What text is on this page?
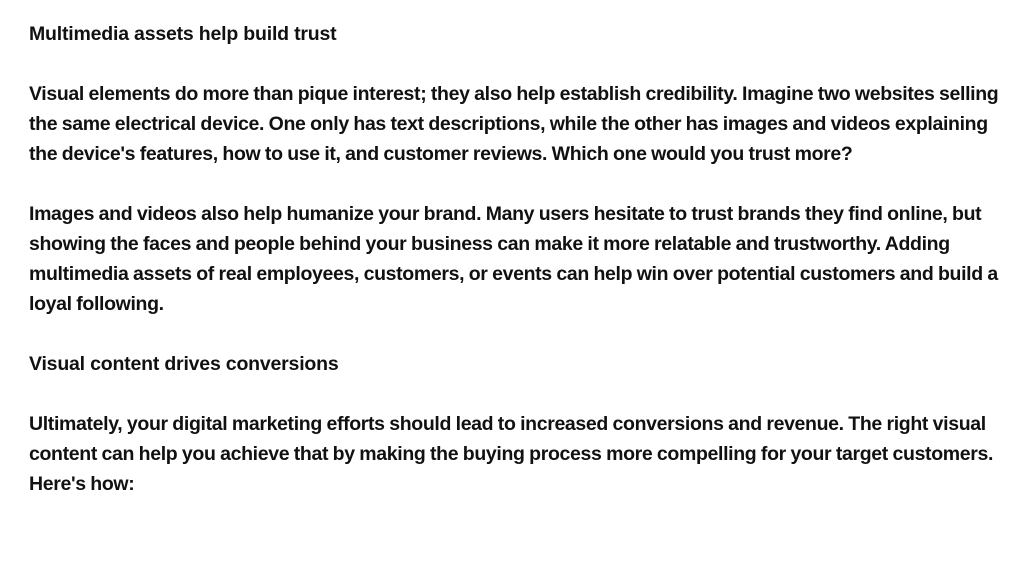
Multimedia assets help build trust
Visual elements do more than pique interest; they also help establish credibility. Imagine two websites selling the same electrical device. One only has text descriptions, while the other has images and videos explaining the device's features, how to use it, and customer reviews. Which one would you trust more?
Images and videos also help humanize your brand. Many users hesitate to trust brands they find online, but showing the faces and people behind your business can make it more relatable and trustworthy. Adding multimedia assets of real employees, customers, or events can help win over potential customers and build a loyal following.
Visual content drives conversions
Ultimately, your digital marketing efforts should lead to increased conversions and revenue. The right visual content can help you achieve that by making the buying process more compelling for your target customers. Here's how:
